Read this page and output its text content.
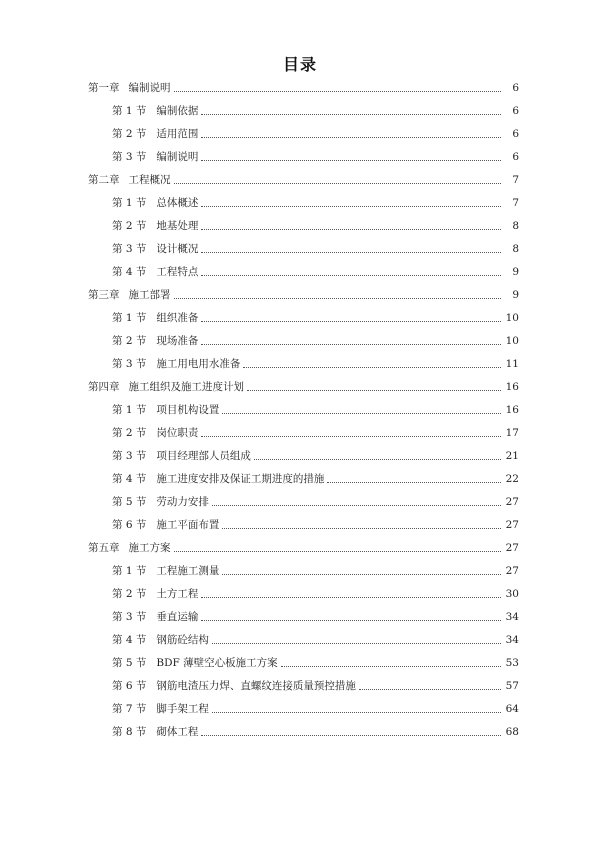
目录
第一章 编制说明	6
第 1 节 编制依据	6
第 2 节 适用范围	6
第 3 节 编制说明	6
第二章 工程概况	7
第 1 节 总体概述	7
第 2 节 地基处理	8
第 3 节 设计概况	8
第 4 节 工程特点	9
第三章 施工部署	9
第 1 节 组织准备	10
第 2 节 现场准备	10
第 3 节 施工用电用水准备	11
第四章 施工组织及施工进度计划	16
第 1 节 项目机构设置	16
第 2 节 岗位职责	17
第 3 节 项目经理部人员组成	21
第 4 节 施工进度安排及保证工期进度的措施	22
第 5 节 劳动力安排	27
第 6 节 施工平面布置	27
第五章 施工方案	27
第 1 节 工程施工测量	27
第 2 节 土方工程	30
第 3 节 垂直运输	34
第 4 节 钢筋砼结构	34
第 5 节 BDF 薄壁空心板施工方案	53
第 6 节 钢筋电渣压力焊、直螺纹连接质量预控措施	57
第 7 节 脚手架工程	64
第 8 节 砌体工程	68
